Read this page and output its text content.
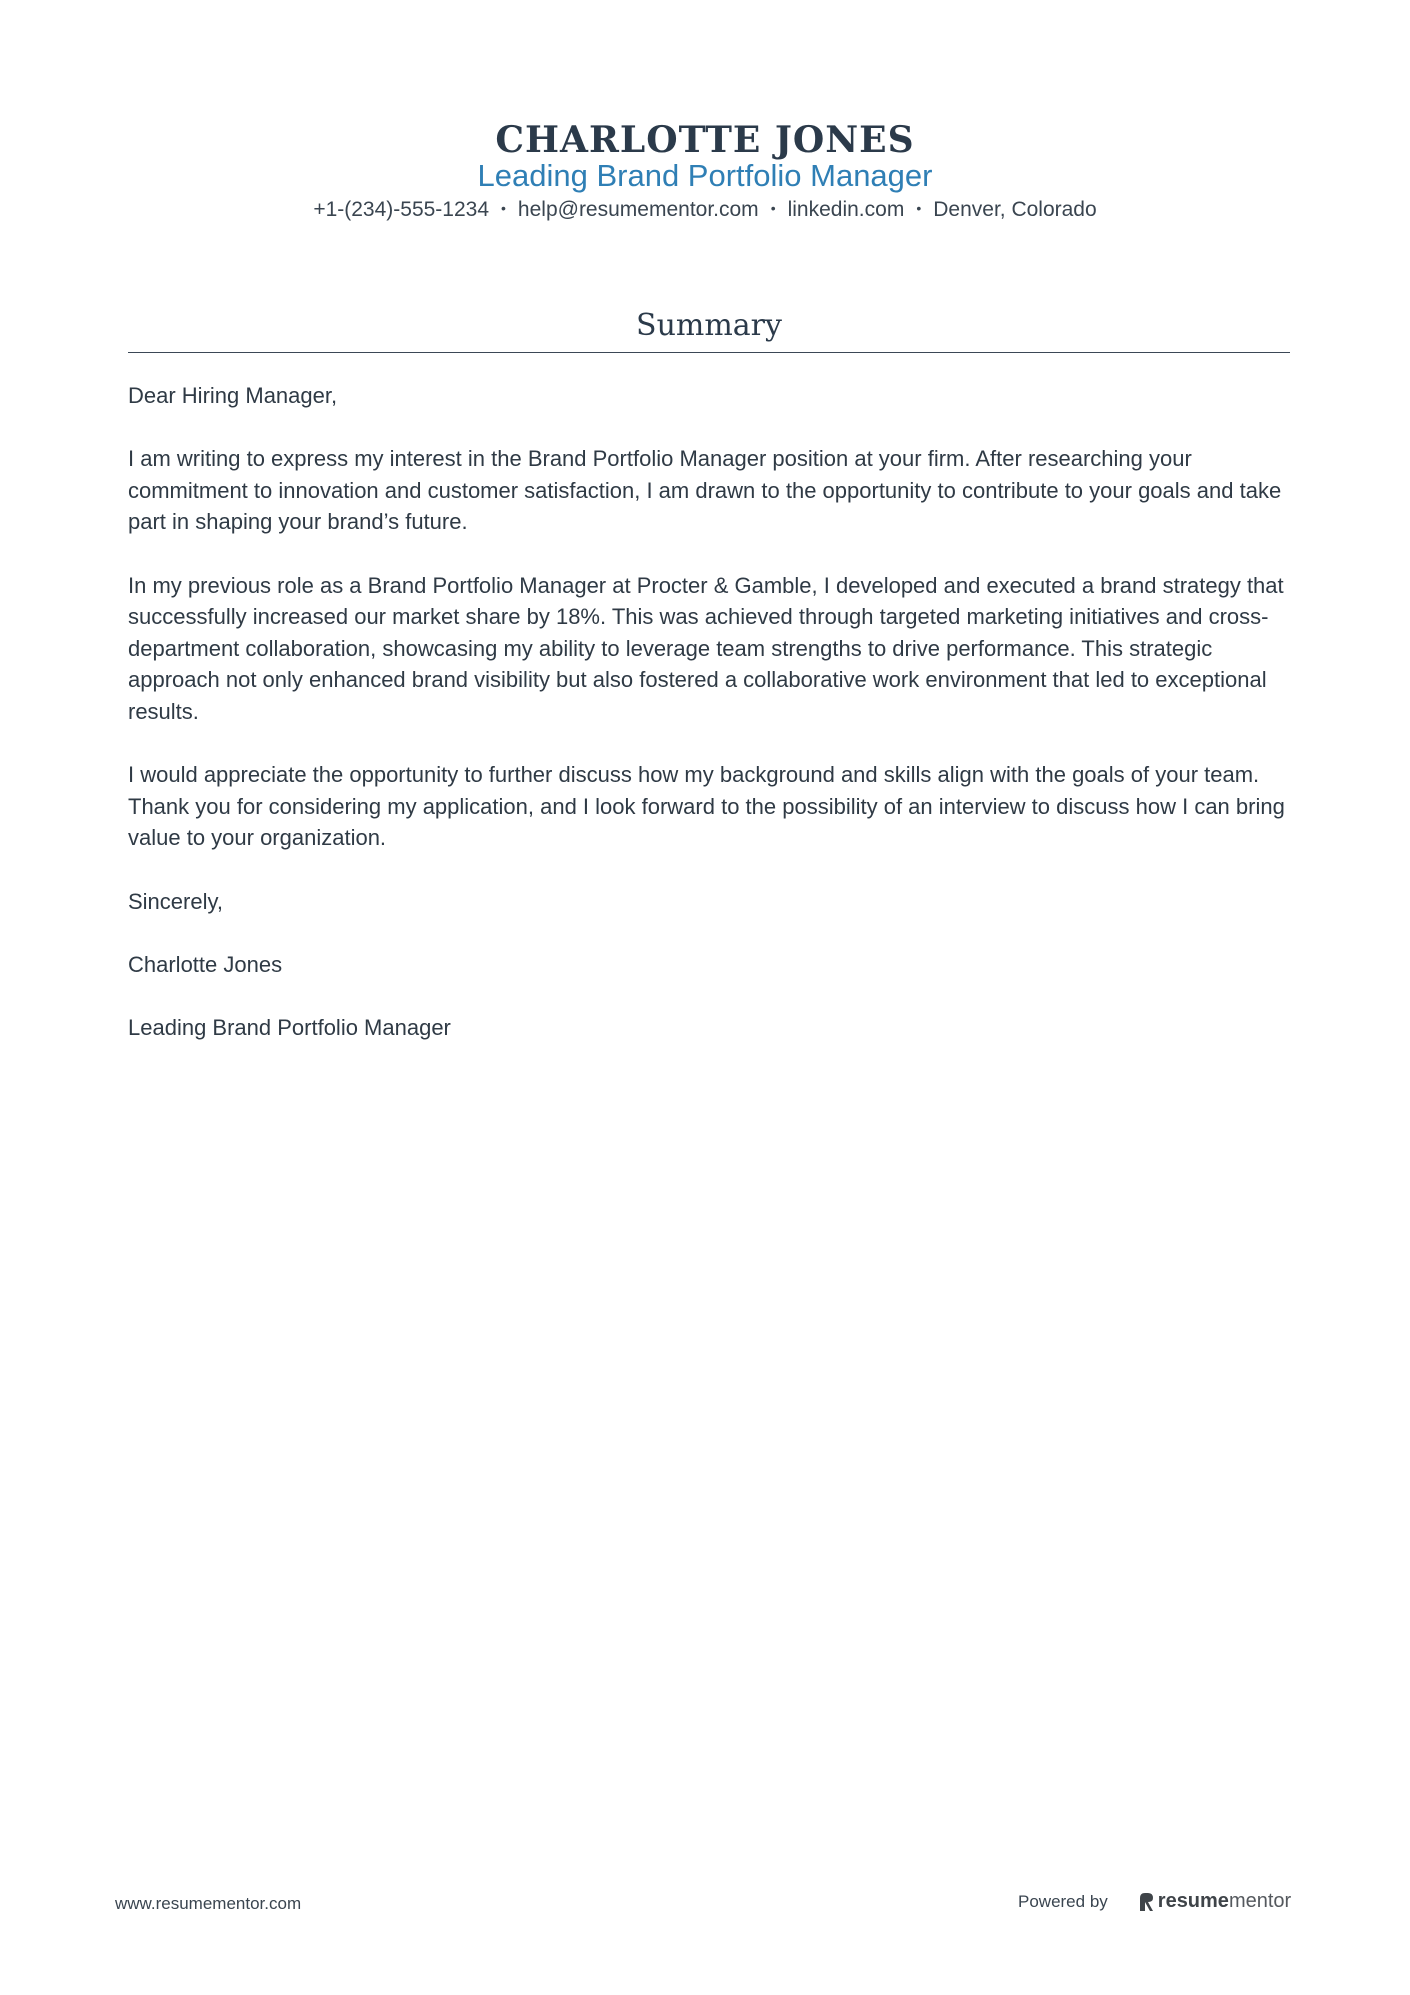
CHARLOTTE JONES
Leading Brand Portfolio Manager
+1-(234)-555-1234 • help@resumementor.com • linkedin.com • Denver, Colorado
Summary

Dear Hiring Manager,

I am writing to express my interest in the Brand Portfolio Manager position at your firm. After researching your commitment to innovation and customer satisfaction, I am drawn to the opportunity to contribute to your goals and take part in shaping your brand’s future.

In my previous role as a Brand Portfolio Manager at Procter & Gamble, I developed and executed a brand strategy that successfully increased our market share by 18%. This was achieved through targeted marketing initiatives and cross-department collaboration, showcasing my ability to leverage team strengths to drive performance. This strategic approach not only enhanced brand visibility but also fostered a collaborative work environment that led to exceptional results.

I would appreciate the opportunity to further discuss how my background and skills align with the goals of your team. Thank you for considering my application, and I look forward to the possibility of an interview to discuss how I can bring value to your organization.

Sincerely,

Charlotte Jones

Leading Brand Portfolio Manager

www.resumementor.com	Powered by	resume mentor
